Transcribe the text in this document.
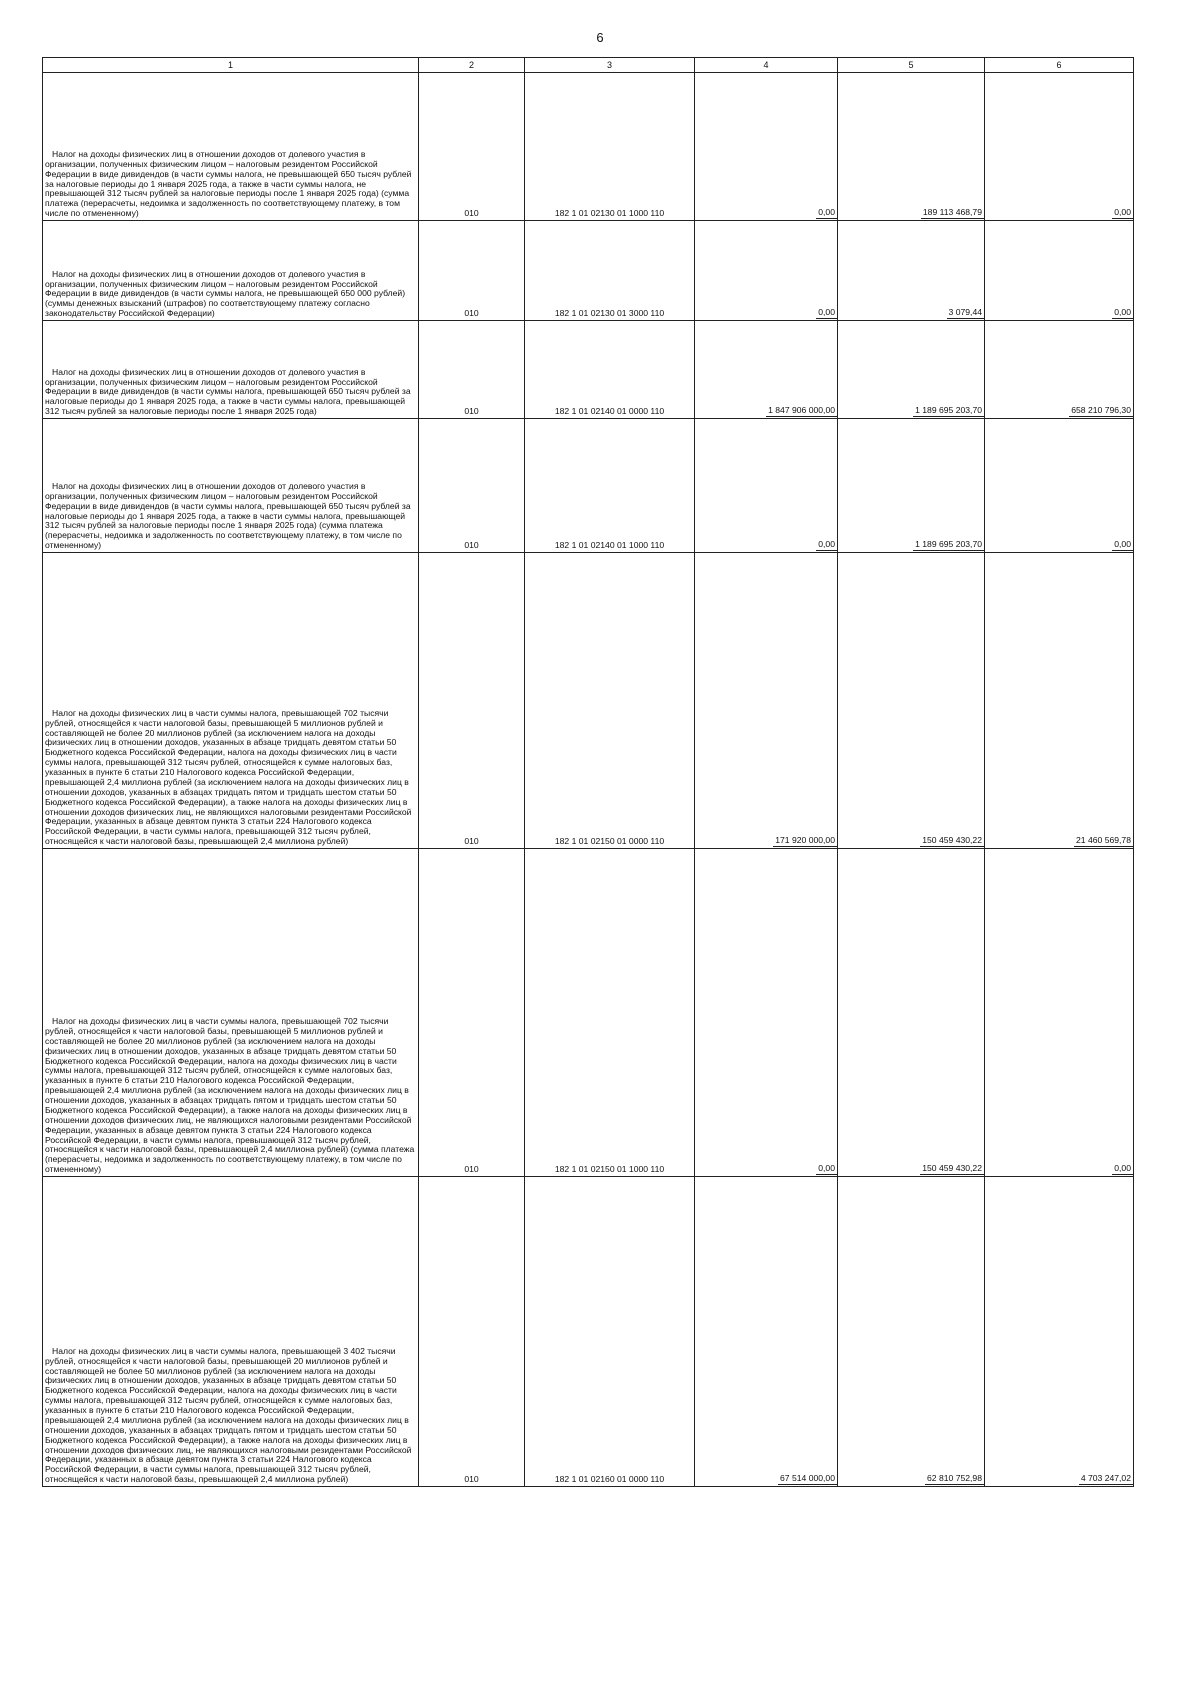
6
1	2	3	4	5	6
Налог на доходы физических лиц в отношении доходов от долевого участия в организации, полученных физическим лицом – налоговым резидентом Российской Федерации в виде дивидендов (в части суммы налога, не превышающей 650 тысяч рублей за налоговые периоды до 1 января 2025 года, а также в части суммы налога, не превышающей 312 тысяч рублей за налоговые периоды после 1 января 2025 года) (сумма платежа (перерасчеты, недоимка и задолженность по соответствующему платежу, в том числе по отмененному)	010	182 1 01 02130 01 1000 110	0,00	189 113 468,79	0,00
Налог на доходы физических лиц в отношении доходов от долевого участия в организации, полученных физическим лицом – налоговым резидентом Российской Федерации в виде дивидендов (в части суммы налога, не превышающей 650 000 рублей) (суммы денежных взысканий (штрафов) по соответствующему платежу согласно законодательству Российской Федерации)	010	182 1 01 02130 01 3000 110	0,00	3 079,44	0,00
Налог на доходы физических лиц в отношении доходов от долевого участия в организации, полученных физическим лицом – налоговым резидентом Российской Федерации в виде дивидендов (в части суммы налога, превышающей 650 тысяч рублей за налоговые периоды до 1 января 2025 года, а также в части суммы налога, превышающей 312 тысяч рублей за налоговые периоды после 1 января 2025 года)	010	182 1 01 02140 01 0000 110	1 847 906 000,00	1 189 695 203,70	658 210 796,30
Налог на доходы физических лиц в отношении доходов от долевого участия в организации, полученных физическим лицом – налоговым резидентом Российской Федерации в виде дивидендов (в части суммы налога, превышающей 650 тысяч рублей за налоговые периоды до 1 января 2025 года, а также в части суммы налога, превышающей 312 тысяч рублей за налоговые периоды после 1 января 2025 года) (сумма платежа (перерасчеты, недоимка и задолженность по соответствующему платежу, в том числе по отмененному)	010	182 1 01 02140 01 1000 110	0,00	1 189 695 203,70	0,00
Налог на доходы физических лиц в части суммы налога, превышающей 702 тысячи рублей, относящейся к части налоговой базы, превышающей 5 миллионов рублей и составляющей не более 20 миллионов рублей (за исключением налога на доходы физических лиц в отношении доходов, указанных в абзаце тридцать девятом статьи 50 Бюджетного кодекса Российской Федерации, налога на доходы физических лиц в части суммы налога, превышающей 312 тысяч рублей, относящейся к сумме налоговых баз, указанных в пункте 6 статьи 210 Налогового кодекса Российской Федерации, превышающей 2,4 миллиона рублей (за исключением налога на доходы физических лиц в отношении доходов, указанных в абзацах тридцать пятом и тридцать шестом статьи 50 Бюджетного кодекса Российской Федерации), а также налога на доходы физических лиц в отношении доходов физических лиц, не являющихся налоговыми резидентами Российской Федерации, указанных в абзаце девятом пункта 3 статьи 224 Налогового кодекса Российской Федерации, в части суммы налога, превышающей 312 тысяч рублей, относящейся к части налоговой базы, превышающей 2,4 миллиона рублей)	010	182 1 01 02150 01 0000 110	171 920 000,00	150 459 430,22	21 460 569,78
Налог на доходы физических лиц в части суммы налога, превышающей 702 тысячи рублей, относящейся к части налоговой базы, превышающей 5 миллионов рублей и составляющей не более 20 миллионов рублей (за исключением налога на доходы физических лиц в отношении доходов, указанных в абзаце тридцать девятом статьи 50 Бюджетного кодекса Российской Федерации, налога на доходы физических лиц в части суммы налога, превышающей 312 тысяч рублей, относящейся к сумме налоговых баз, указанных в пункте 6 статьи 210 Налогового кодекса Российской Федерации, превышающей 2,4 миллиона рублей (за исключением налога на доходы физических лиц в отношении доходов, указанных в абзацах тридцать пятом и тридцать шестом статьи 50 Бюджетного кодекса Российской Федерации), а также налога на доходы физических лиц в отношении доходов физических лиц, не являющихся налоговыми резидентами Российской Федерации, указанных в абзаце девятом пункта 3 статьи 224 Налогового кодекса Российской Федерации, в части суммы налога, превышающей 312 тысяч рублей, относящейся к части налоговой базы, превышающей 2,4 миллиона рублей) (сумма платежа (перерасчеты, недоимка и задолженность по соответствующему платежу, в том числе по отмененному)	010	182 1 01 02150 01 1000 110	0,00	150 459 430,22	0,00
Налог на доходы физических лиц в части суммы налога, превышающей 3 402 тысячи рублей, относящейся к части налоговой базы, превышающей 20 миллионов рублей и составляющей не более 50 миллионов рублей (за исключением налога на доходы физических лиц в отношении доходов, указанных в абзаце тридцать девятом статьи 50 Бюджетного кодекса Российской Федерации, налога на доходы физических лиц в части суммы налога, превышающей 312 тысяч рублей, относящейся к сумме налоговых баз, указанных в пункте 6 статьи 210 Налогового кодекса Российской Федерации, превышающей 2,4 миллиона рублей (за исключением налога на доходы физических лиц в отношении доходов, указанных в абзацах тридцать пятом и тридцать шестом статьи 50 Бюджетного кодекса Российской Федерации), а также налога на доходы физических лиц в отношении доходов физических лиц, не являющихся налоговыми резидентами Российской Федерации, указанных в абзаце девятом пункта 3 статьи 224 Налогового кодекса Российской Федерации, в части суммы налога, превышающей 312 тысяч рублей, относящейся к части налоговой базы, превышающей 2,4 миллиона рублей)	010	182 1 01 02160 01 0000 110	67 514 000,00	62 810 752,98	4 703 247,02
